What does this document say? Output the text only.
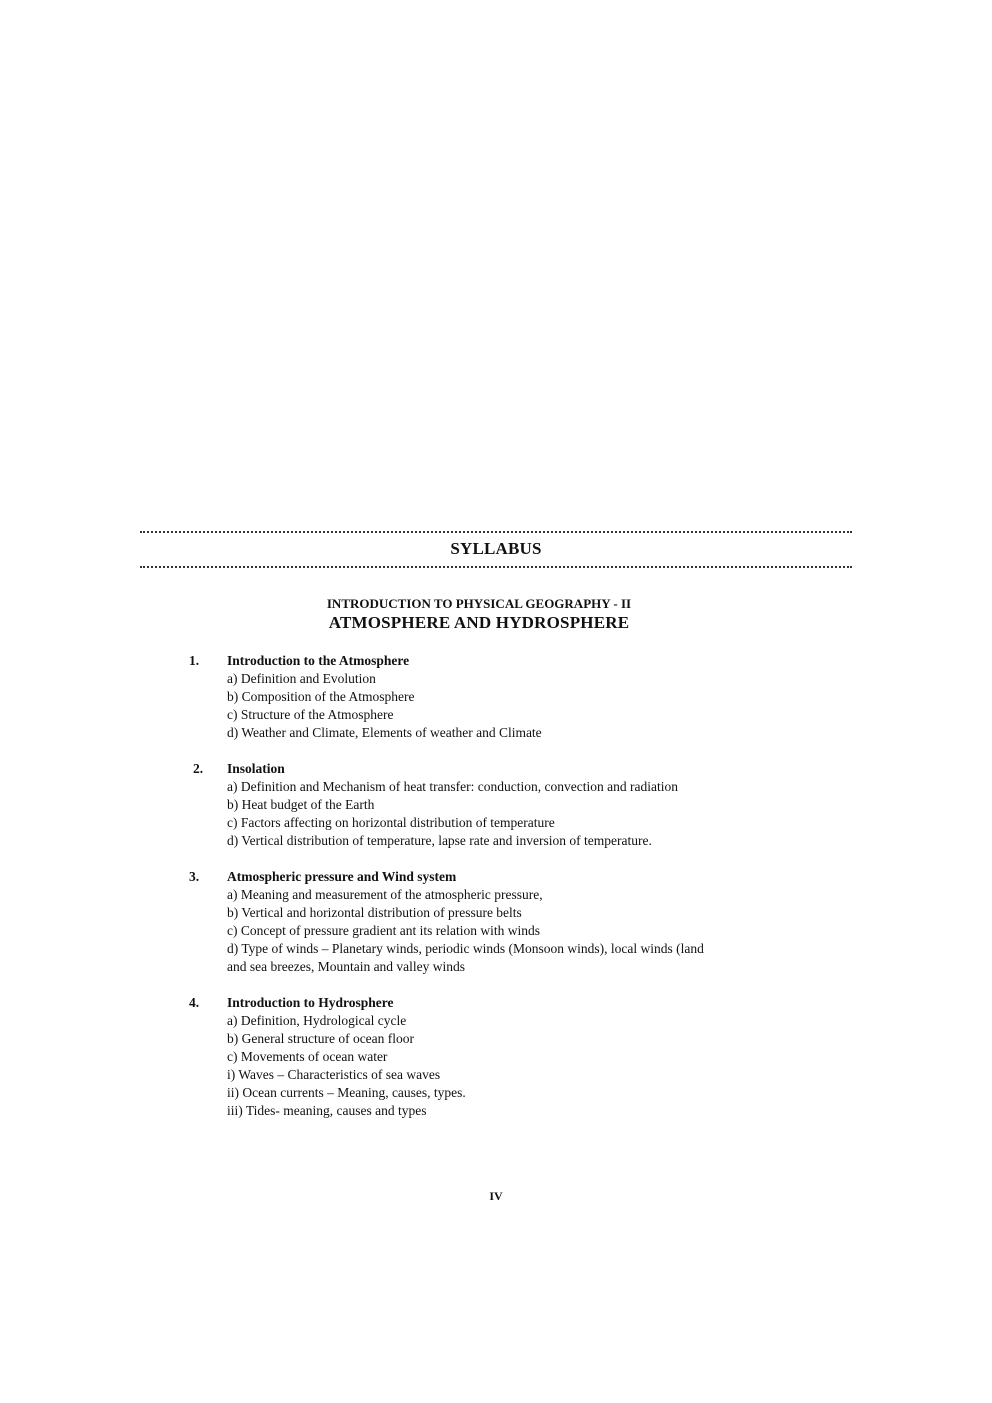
SYLLABUS
INTRODUCTION TO PHYSICAL GEOGRAPHY - II
ATMOSPHERE AND HYDROSPHERE
1. Introduction to the Atmosphere
a) Definition and Evolution
b) Composition of the Atmosphere
c) Structure of the Atmosphere
d) Weather and Climate, Elements of weather and Climate
2. Insolation
a) Definition and Mechanism of heat transfer: conduction, convection and radiation
b) Heat budget of the Earth
c) Factors affecting on horizontal distribution of temperature
d) Vertical distribution of temperature, lapse rate and inversion of temperature.
3. Atmospheric pressure and Wind system
a) Meaning and measurement of the atmospheric pressure,
b) Vertical and horizontal distribution of pressure belts
c) Concept of pressure gradient ant its relation with winds
d) Type of winds – Planetary winds, periodic winds (Monsoon winds), local winds (land
and sea breezes, Mountain and valley winds
4. Introduction to Hydrosphere
a) Definition, Hydrological cycle
b) General structure of ocean floor
c) Movements of ocean water
i) Waves – Characteristics of sea waves
ii) Ocean currents – Meaning, causes, types.
iii) Tides- meaning, causes and types
IV
